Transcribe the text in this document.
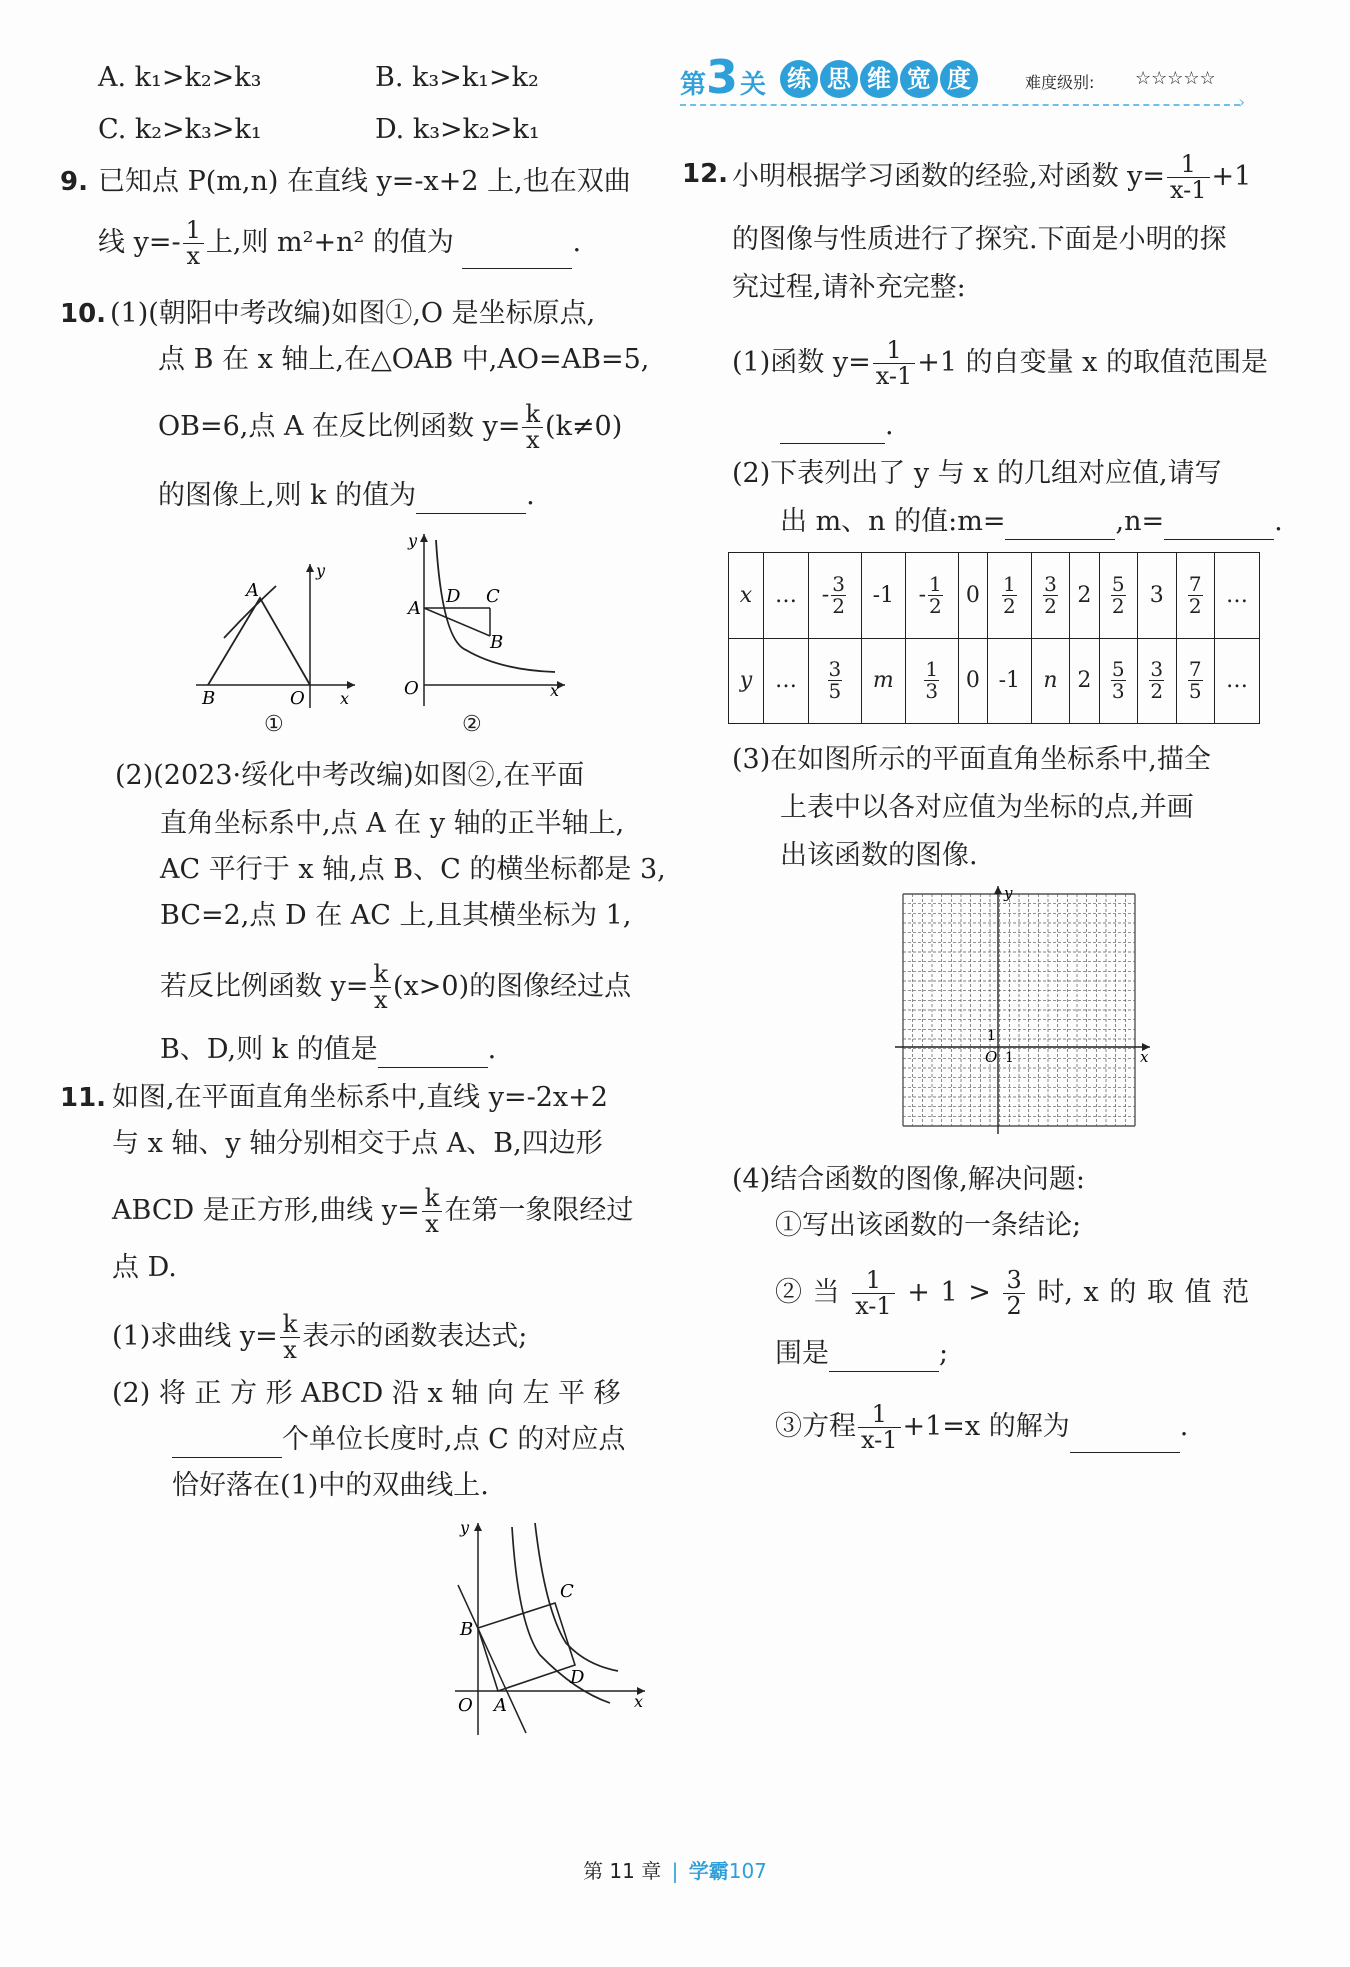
第 3 关 练 思 维 宽 度	难度级别: ☆☆☆☆☆
›
A. k₁>k₂>k₃	B. k₃>k₁>k₂
C. k₂>k₃>k₁	D. k₃>k₂>k₁
9. 已知点 P(m,n) 在直线 y=-x+2 上,也在双曲
线 $y=- \frac{1}{x}$ 上,则 m²+n² 的值为	.
10. (1)(朝阳中考改编)如图①,O 是坐标原点,
点 B 在 x 轴上,在△OAB 中,AO=AB=5,
OB=6,点 A 在反比例函数 $y= \frac{k}{x} (k\ne 0)$
的图像上,则 k 的值为	.
A
B	O x
y
①
A
D C
B
O	x
y
②
(2)(2023·绥化中考改编)如图②,在平面
直角坐标系中,点 A 在 y 轴的正半轴上,
AC 平行于 x 轴,点 B、C 的横坐标都是 3,
BC=2,点 D 在 AC 上,且其横坐标为 1,
若反比例函数 $y= \frac{k}{x} (x>0)$的图像经过点
B、D,则 k 的值是	.
11. 如图,在平面直角坐标系中,直线 y=-2x+2
与 x 轴、y 轴分别相交于点 A、B,四边形
ABCD 是正方形,曲线 $y= \frac{k}{x}$ 在第一象限经过
点 D.
(1)求曲线 $y= \frac{k}{x}$ 表示的函数表达式;
(2) 将 正 方 形 ABCD 沿 x 轴 向 左 平 移
个单位长度时,点 C 的对应点
恰好落在(1)中的双曲线上.
B
A
C
D
O	x
y
12. 小明根据学习函数的经验,对函数 $y= \frac{1}{x-1} +1$
的图像与性质进行了探究.下面是小明的探
究过程,请补充完整:
(1)函数 $y= \frac{1}{x-1} +1$ 的自变量 x 的取值范围是
.
(2)下表列出了 y 与 x 的几组对应值,请写
出 m、n 的值:m=	,n=	.
x	…	- $\frac{3}{2}$	-1	- $\frac{1}{2}$	0	$\frac{1}{2}$	$\frac{3}{2}$	2	$\frac{5}{2}$	3	$\frac{7}{2}$	…
y	…	$\frac{3}{5}$	m	$\frac{1}{3}$	0	-1	n	2	$\frac{5}{3}$	$\frac{3}{2}$	$\frac{7}{5}$	…
(3)在如图所示的平面直角坐标系中,描全
上表中以各对应值为坐标的点,并画
出该函数的图像.
x
y
O 1
1
(4)结合函数的图像,解决问题:
①写出该函数的一条结论;
② 当 $\frac{1}{x-1} + 1 > \frac{3}{2}$ 时, x 的 取 值 范
围是	;
③方程 $\frac{1}{x-1} +1=x$ 的解为	.
第 11 章 | 学霸107
